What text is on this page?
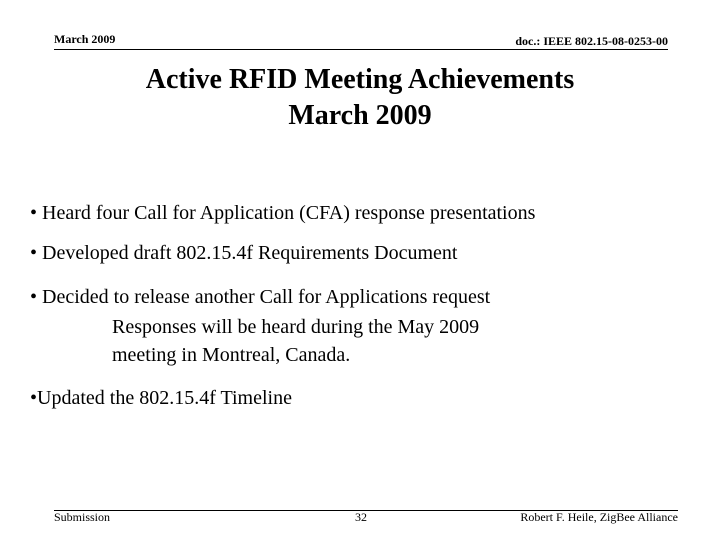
March 2009	doc.: IEEE 802.15-08-0253-00
Active RFID Meeting Achievements
March 2009
• Heard four Call for Application (CFA) response presentations
• Developed draft 802.15.4f Requirements Document
• Decided to release another Call for Applications request
Responses will be heard during the May 2009
meeting in Montreal, Canada.
•Updated the 802.15.4f Timeline
Submission	32	Robert F. Heile, ZigBee Alliance
